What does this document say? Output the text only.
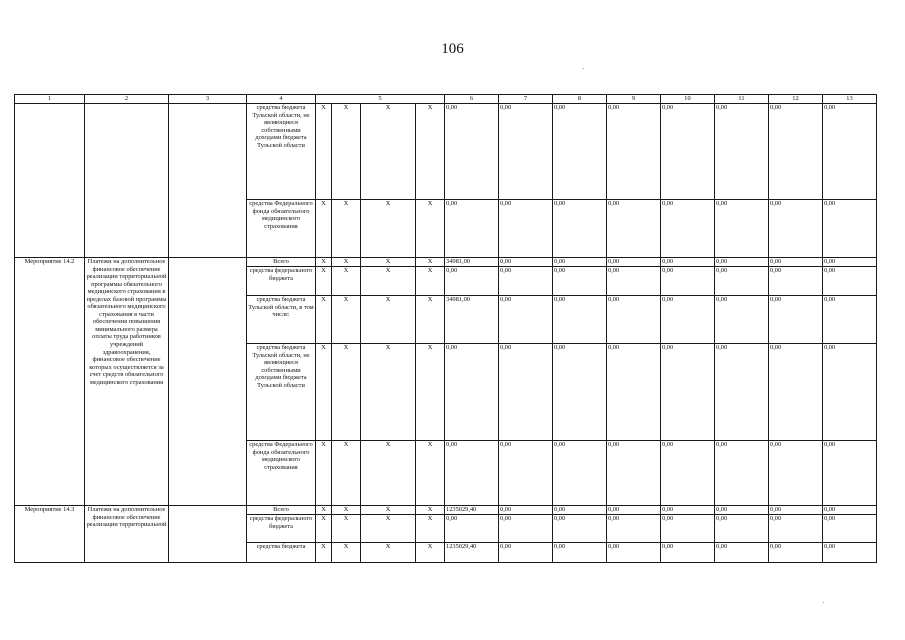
106
1	2	3	4	5				6	7	8	9	10	11	12	13
			средства бюджета Тульской области, не являющиеся собственными доходами бюджета Тульской области	X	X	X	X	0,00	0,00	0,00	0,00	0,00	0,00	0,00	0,00
			средства Федерального фонда обязательного медицинского страхования	X	X	X	X	0,00	0,00	0,00	0,00	0,00	0,00	0,00	0,00
Мероприятие 14.2	Платежи на дополнительное финансовое обеспечение реализации территориальной программы обязательного медицинского страхования в пределах базовой программы обязательного медицинского страхования в части обеспечения повышения минимального размера оплаты труда работников учреждений здравоохранения, финансовое обеспечение которых осуществляется за счет средств обязательного медицинского страхования		Всего	X	X	X	X	34981,00	0,00	0,00	0,00	0,00	0,00	0,00	0,00
			средства федерального бюджета	X	X	X	X	0,00	0,00	0,00	0,00	0,00	0,00	0,00	0,00
			средства бюджета Тульской области, в том числе:	X	X	X	X	34981,00	0,00	0,00	0,00	0,00	0,00	0,00	0,00
			средства бюджета Тульской области, не являющиеся собственными доходами бюджета Тульской области	X	X	X	X	0,00	0,00	0,00	0,00	0,00	0,00	0,00	0,00
			средства Федерального фонда обязательного медицинского страхования	X	X	X	X	0,00	0,00	0,00	0,00	0,00	0,00	0,00	0,00
Мероприятие 14.3	Платежи на дополнительное финансовое обеспечение реализации территориальной		Всего	X	X	X	X	1235029,40	0,00	0,00	0,00	0,00	0,00	0,00	0,00
			средства федерального бюджета	X	X	X	X	0,00	0,00	0,00	0,00	0,00	0,00	0,00	0,00
			средства бюджета	X	X	X	X	1235029,40	0,00	0,00	0,00	0,00	0,00	0,00	0,00
·
·
